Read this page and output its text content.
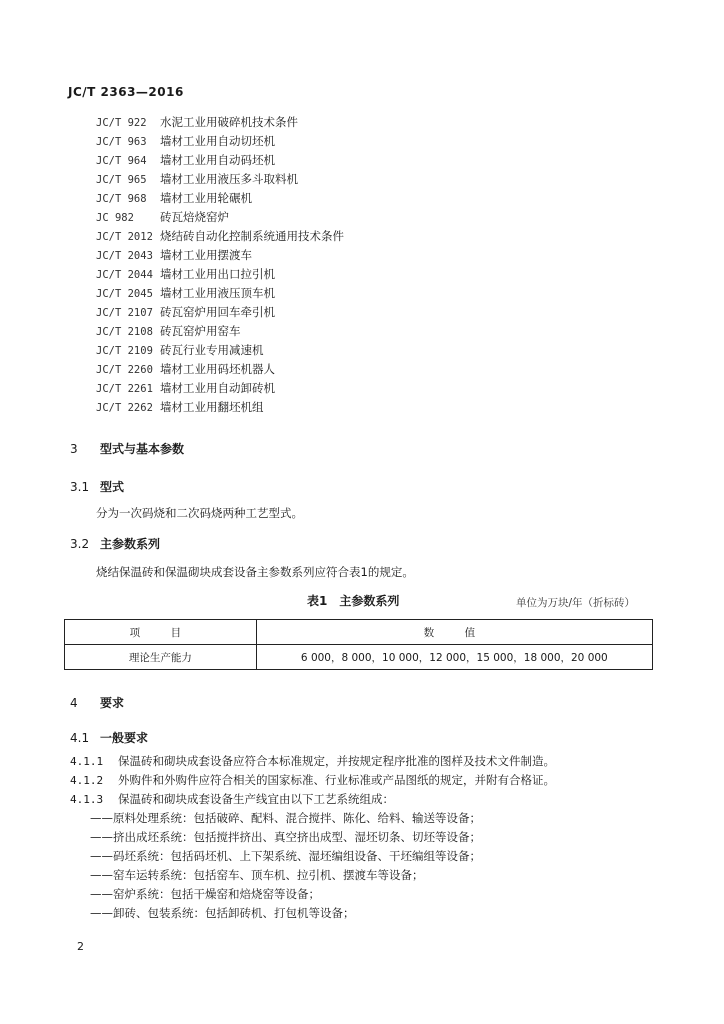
JC/T 2363—2016
JC/T 922 水泥工业用破碎机技术条件
JC/T 963 墙材工业用自动切坯机
JC/T 964 墙材工业用自动码坯机
JC/T 965 墙材工业用液压多斗取料机
JC/T 968 墙材工业用轮碾机
JC 982 砖瓦焙烧窑炉
JC/T 2012 烧结砖自动化控制系统通用技术条件
JC/T 2043 墙材工业用摆渡车
JC/T 2044 墙材工业用出口拉引机
JC/T 2045 墙材工业用液压顶车机
JC/T 2107 砖瓦窑炉用回车牵引机
JC/T 2108 砖瓦窑炉用窑车
JC/T 2109 砖瓦行业专用减速机
JC/T 2260 墙材工业用码坯机器人
JC/T 2261 墙材工业用自动卸砖机
JC/T 2262 墙材工业用翻坯机组
3 型式与基本参数
3.1 型式
分为一次码烧和二次码烧两种工艺型式。
3.2 主参数系列
烧结保温砖和保温砌块成套设备主参数系列应符合表1的规定。
表1　主参数系列	单位为万块/年（折标砖）
项　目	数　值
理论生产能力	6 000，8 000，10 000，12 000，15 000，18 000，20 000
4 要求
4.1 一般要求
4.1.1 保温砖和砌块成套设备应符合本标准规定，并按规定程序批准的图样及技术文件制造。
4.1.2 外购件和外购件应符合相关的国家标准、行业标准或产品图纸的规定，并附有合格证。
4.1.3 保温砖和砌块成套设备生产线宜由以下工艺系统组成：
——原料处理系统：包括破碎、配料、混合搅拌、陈化、给料、输送等设备；
——挤出成坯系统：包括搅拌挤出、真空挤出成型、湿坯切条、切坯等设备；
——码坯系统：包括码坯机、上下架系统、湿坯编组设备、干坯编组等设备；
——窑车运转系统：包括窑车、顶车机、拉引机、摆渡车等设备；
——窑炉系统：包括干燥窑和焙烧窑等设备；
——卸砖、包装系统：包括卸砖机、打包机等设备；
2
